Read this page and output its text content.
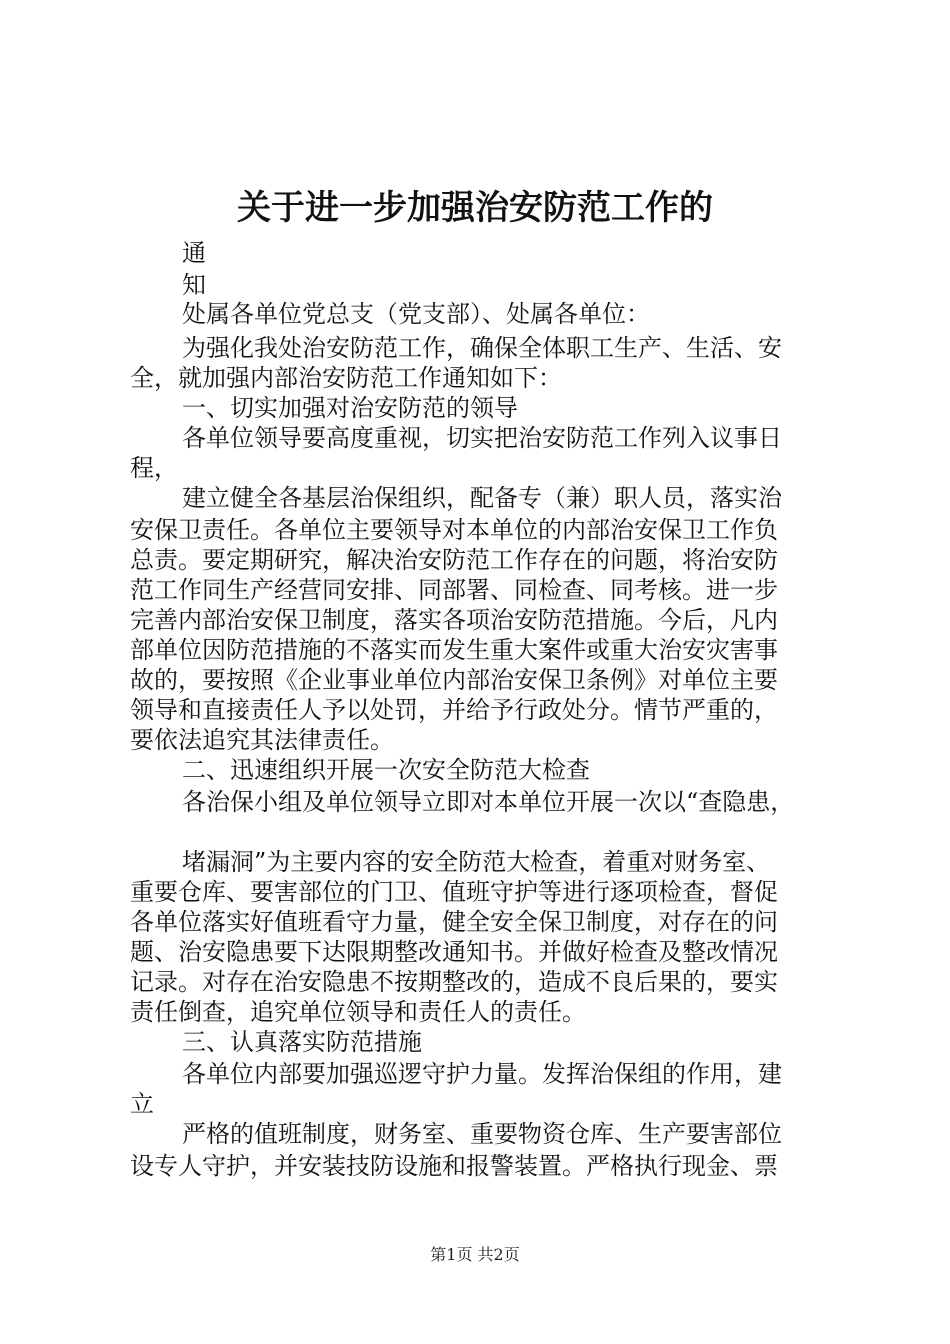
关于进一步加强治安防范工作的
通
知
处属各单位党总支（党支部）、处属各单位：
为强化我处治安防范工作，确保全体职工生产、生活、安
全，就加强内部治安防范工作通知如下：
一、切实加强对治安防范的领导
各单位领导要高度重视，切实把治安防范工作列入议事日
程，
建立健全各基层治保组织，配备专（兼）职人员，落实治
安保卫责任。各单位主要领导对本单位的内部治安保卫工作负
总责。要定期研究，解决治安防范工作存在的问题，将治安防
范工作同生产经营同安排、同部署、同检查、同考核。进一步
完善内部治安保卫制度，落实各项治安防范措施。今后，凡内
部单位因防范措施的不落实而发生重大案件或重大治安灾害事
故的，要按照《企业事业单位内部治安保卫条例》对单位主要
领导和直接责任人予以处罚，并给予行政处分。情节严重的，
要依法追究其法律责任。
二、迅速组织开展一次安全防范大检查
各治保小组及单位领导立即对本单位开展一次以“查隐患，
堵漏洞”为主要内容的安全防范大检查，着重对财务室、
重要仓库、要害部位的门卫、值班守护等进行逐项检查，督促
各单位落实好值班看守力量，健全安全保卫制度，对存在的问
题、治安隐患要下达限期整改通知书。并做好检查及整改情况
记录。对存在治安隐患不按期整改的，造成不良后果的，要实
责任倒查，追究单位领导和责任人的责任。
三、认真落实防范措施
各单位内部要加强巡逻守护力量。发挥治保组的作用，建
立
严格的值班制度，财务室、重要物资仓库、生产要害部位
设专人守护，并安装技防设施和报警装置。严格执行现金、票
第1页 共2页
